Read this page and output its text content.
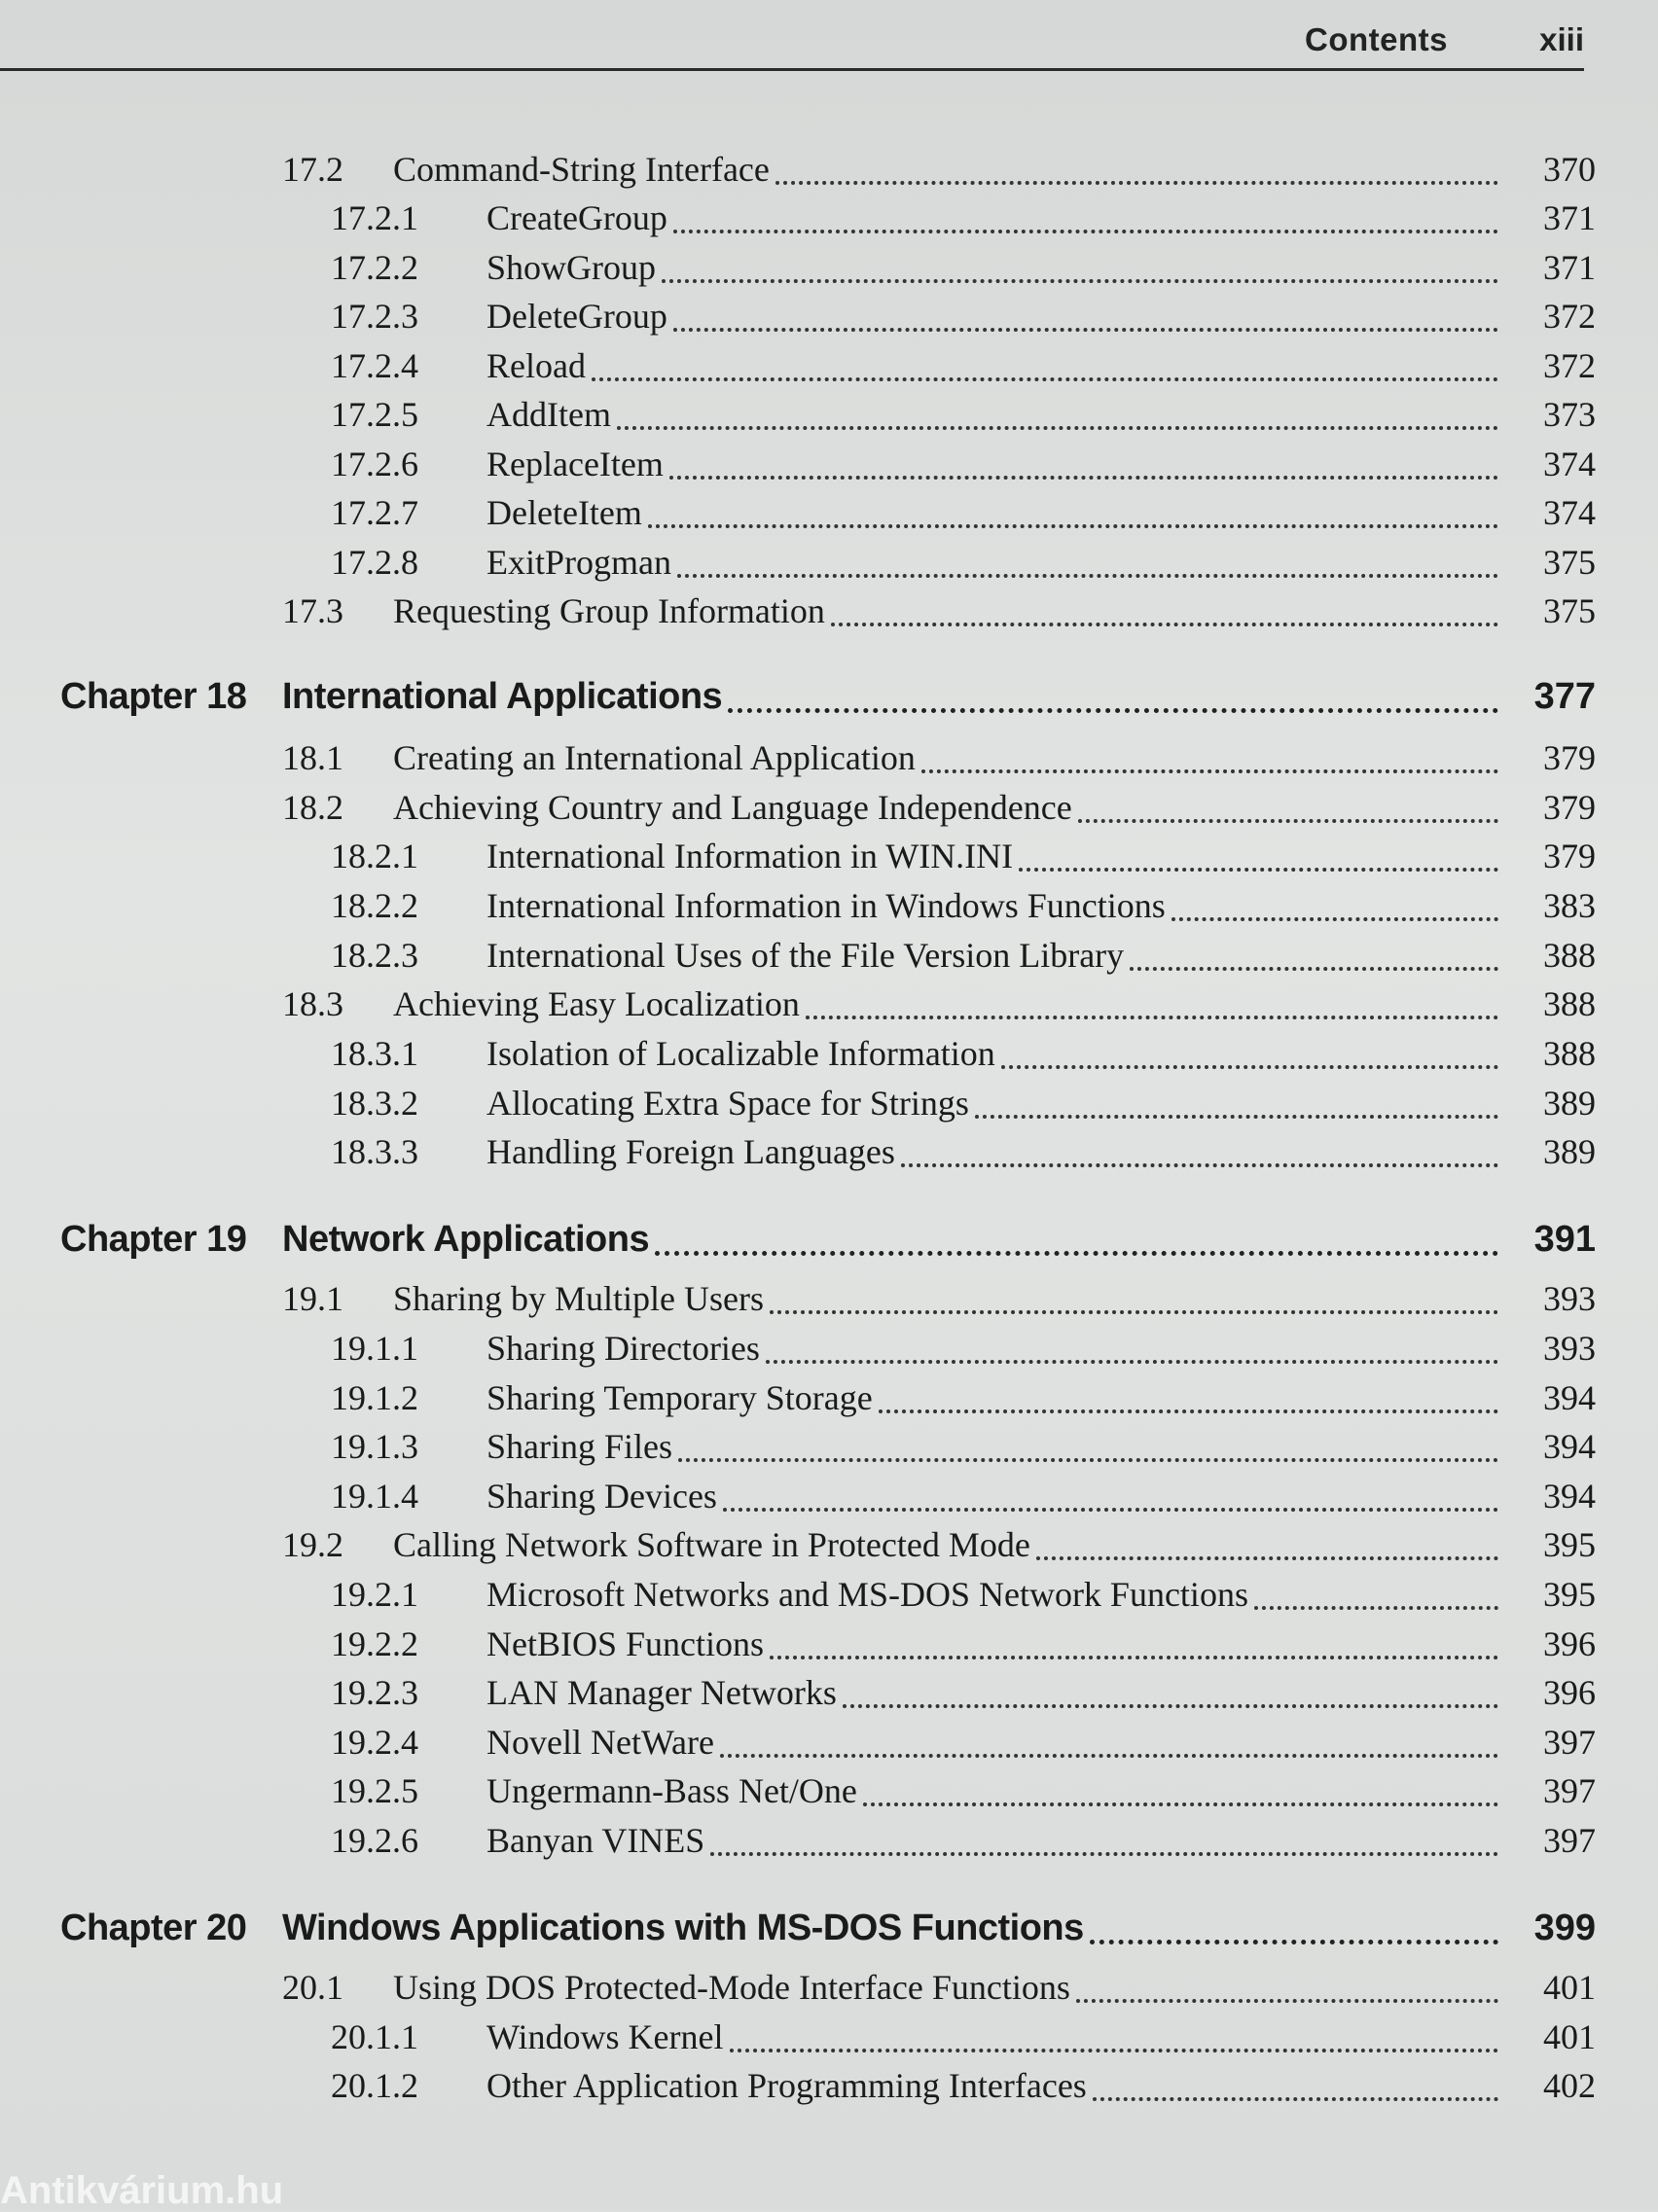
Contents	xiii
17.2 Command-String Interface	370
17.2.1 CreateGroup	371
17.2.2 ShowGroup	371
17.2.3 DeleteGroup	372
17.2.4 Reload	372
17.2.5 AddItem	373
17.2.6 ReplaceItem	374
17.2.7 DeleteItem	374
17.2.8 ExitProgman	375
17.3 Requesting Group Information	375
Chapter 18 International Applications	377
18.1 Creating an International Application	379
18.2 Achieving Country and Language Independence	379
18.2.1 International Information in WIN.INI	379
18.2.2 International Information in Windows Functions	383
18.2.3 International Uses of the File Version Library	388
18.3 Achieving Easy Localization	388
18.3.1 Isolation of Localizable Information	388
18.3.2 Allocating Extra Space for Strings	389
18.3.3 Handling Foreign Languages	389
Chapter 19 Network Applications	391
19.1 Sharing by Multiple Users	393
19.1.1 Sharing Directories	393
19.1.2 Sharing Temporary Storage	394
19.1.3 Sharing Files	394
19.1.4 Sharing Devices	394
19.2 Calling Network Software in Protected Mode	395
19.2.1 Microsoft Networks and MS-DOS Network Functions	395
19.2.2 NetBIOS Functions	396
19.2.3 LAN Manager Networks	396
19.2.4 Novell NetWare	397
19.2.5 Ungermann-Bass Net/One	397
19.2.6 Banyan VINES	397
Chapter 20 Windows Applications with MS-DOS Functions	399
20.1 Using DOS Protected-Mode Interface Functions	401
20.1.1 Windows Kernel	401
20.1.2 Other Application Programming Interfaces	402
Antikvárium.hu
